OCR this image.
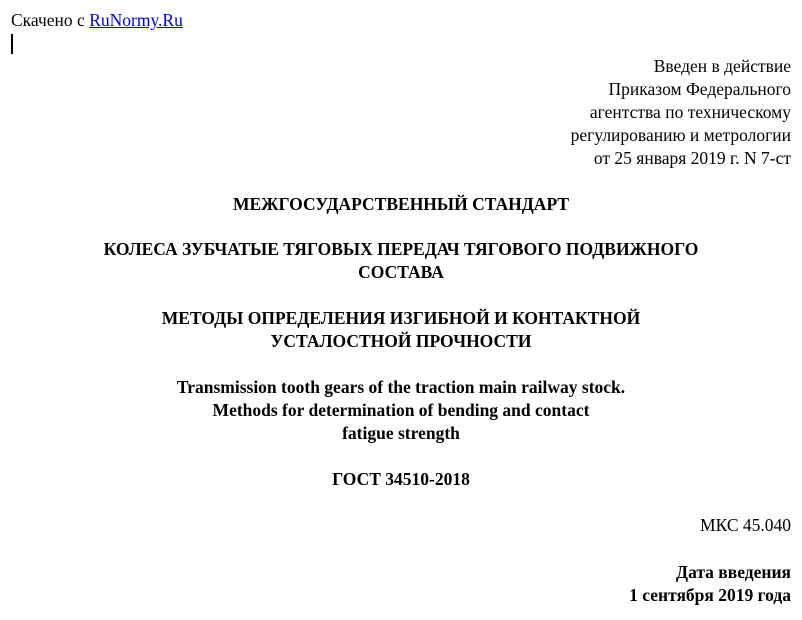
Скачено с RuNormy.Ru
Введен в действие
Приказом Федерального
агентства по техническому
регулированию и метрологии
от 25 января 2019 г. N 7-ст
МЕЖГОСУДАРСТВЕННЫЙ СТАНДАРТ
КОЛЕСА ЗУБЧАТЫЕ ТЯГОВЫХ ПЕРЕДАЧ ТЯГОВОГО ПОДВИЖНОГО
СОСТАВА
МЕТОДЫ ОПРЕДЕЛЕНИЯ ИЗГИБНОЙ И КОНТАКТНОЙ
УСТАЛОСТНОЙ ПРОЧНОСТИ
Transmission tooth gears of the traction main railway stock.
Methods for determination of bending and contact
fatigue strength
ГОСТ 34510-2018
МКС 45.040
Дата введения
1 сентября 2019 года
